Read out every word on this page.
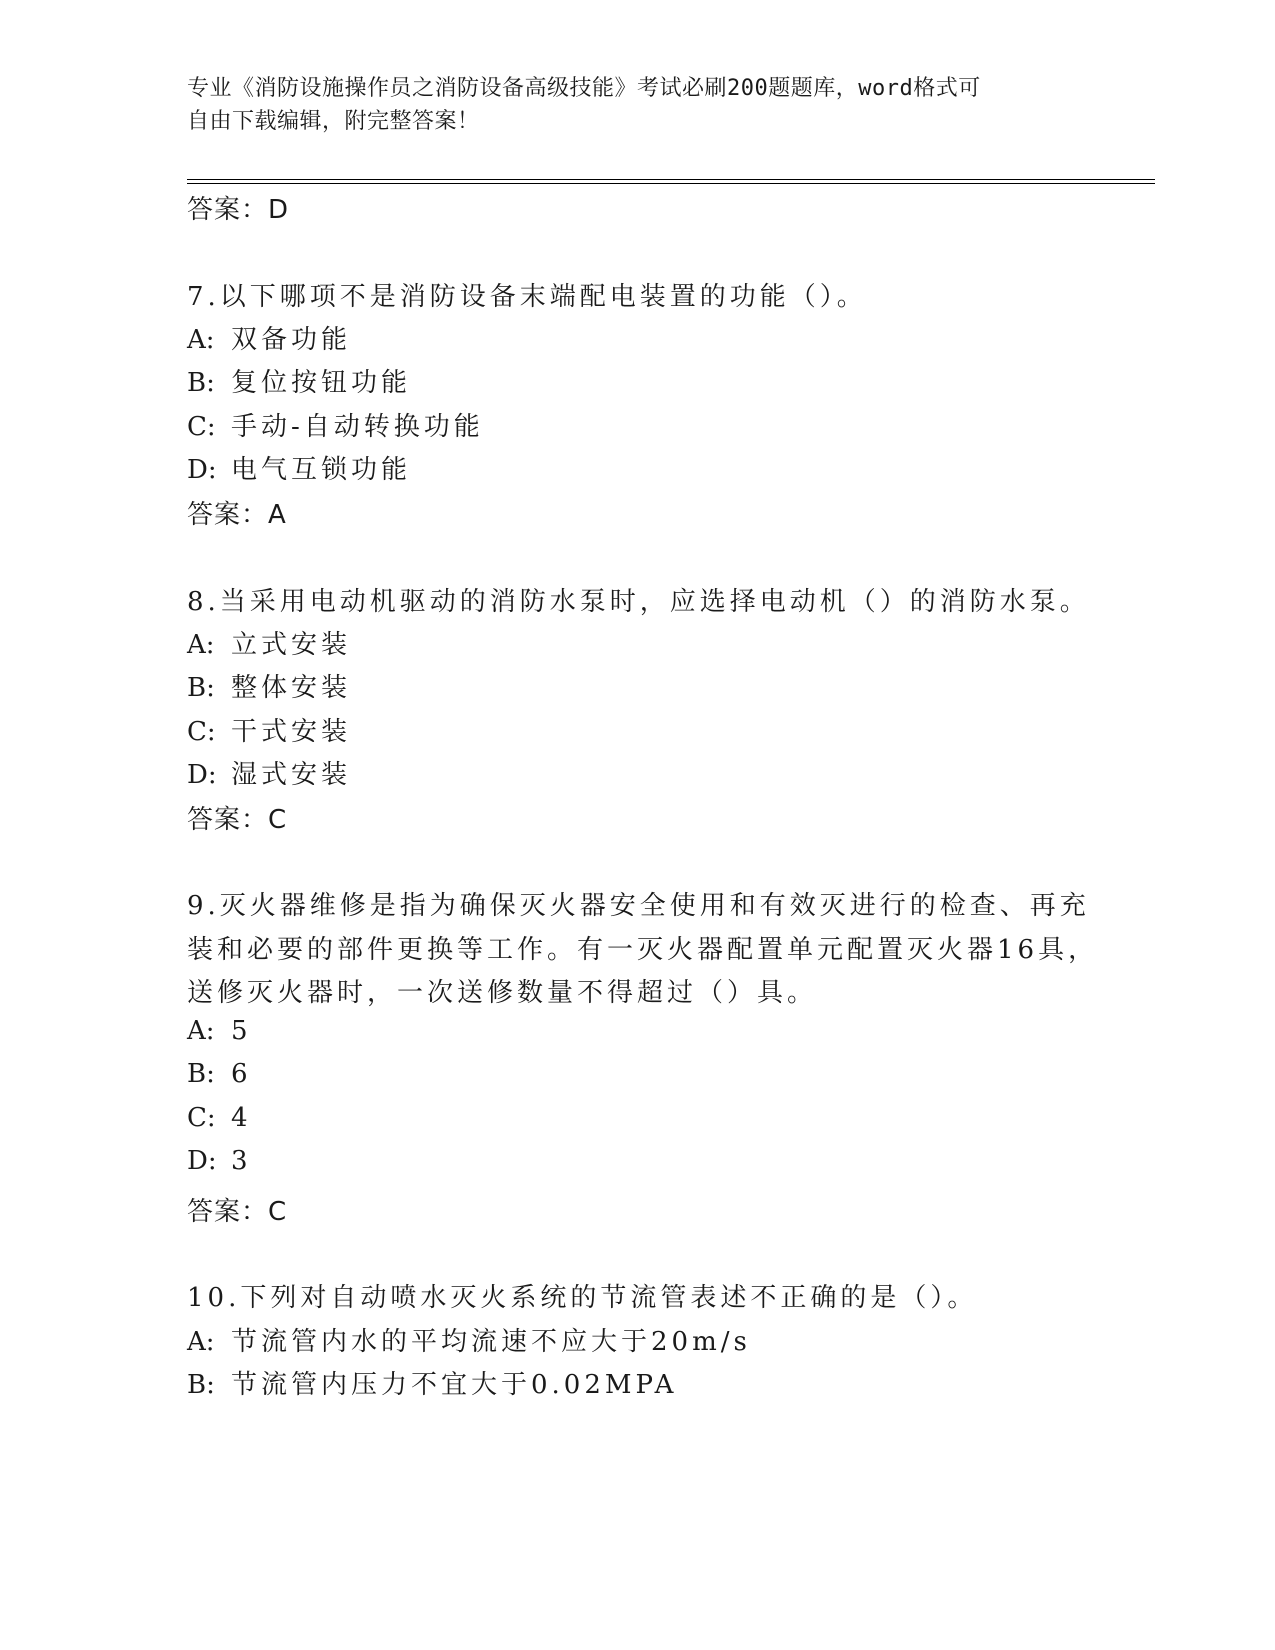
专业《消防设施操作员之消防设备高级技能》考试必刷200题题库，word格式可
自由下载编辑，附完整答案！
答案：D
7.以下哪项不是消防设备末端配电装置的功能（）。
A: 双备功能
B: 复位按钮功能
C: 手动-自动转换功能
D: 电气互锁功能
答案：A
8.当采用电动机驱动的消防水泵时，应选择电动机（）的消防水泵。
A: 立式安装
B: 整体安装
C: 干式安装
D: 湿式安装
答案：C
9.灭火器维修是指为确保灭火器安全使用和有效灭进行的检查、再充
装和必要的部件更换等工作。有一灭火器配置单元配置灭火器16具，
送修灭火器时，一次送修数量不得超过（）具。
A: 5
B: 6
C: 4
D: 3
答案：C
10.下列对自动喷水灭火系统的节流管表述不正确的是（）。
A: 节流管内水的平均流速不应大于20m/s
B: 节流管内压力不宜大于0.02MPA
